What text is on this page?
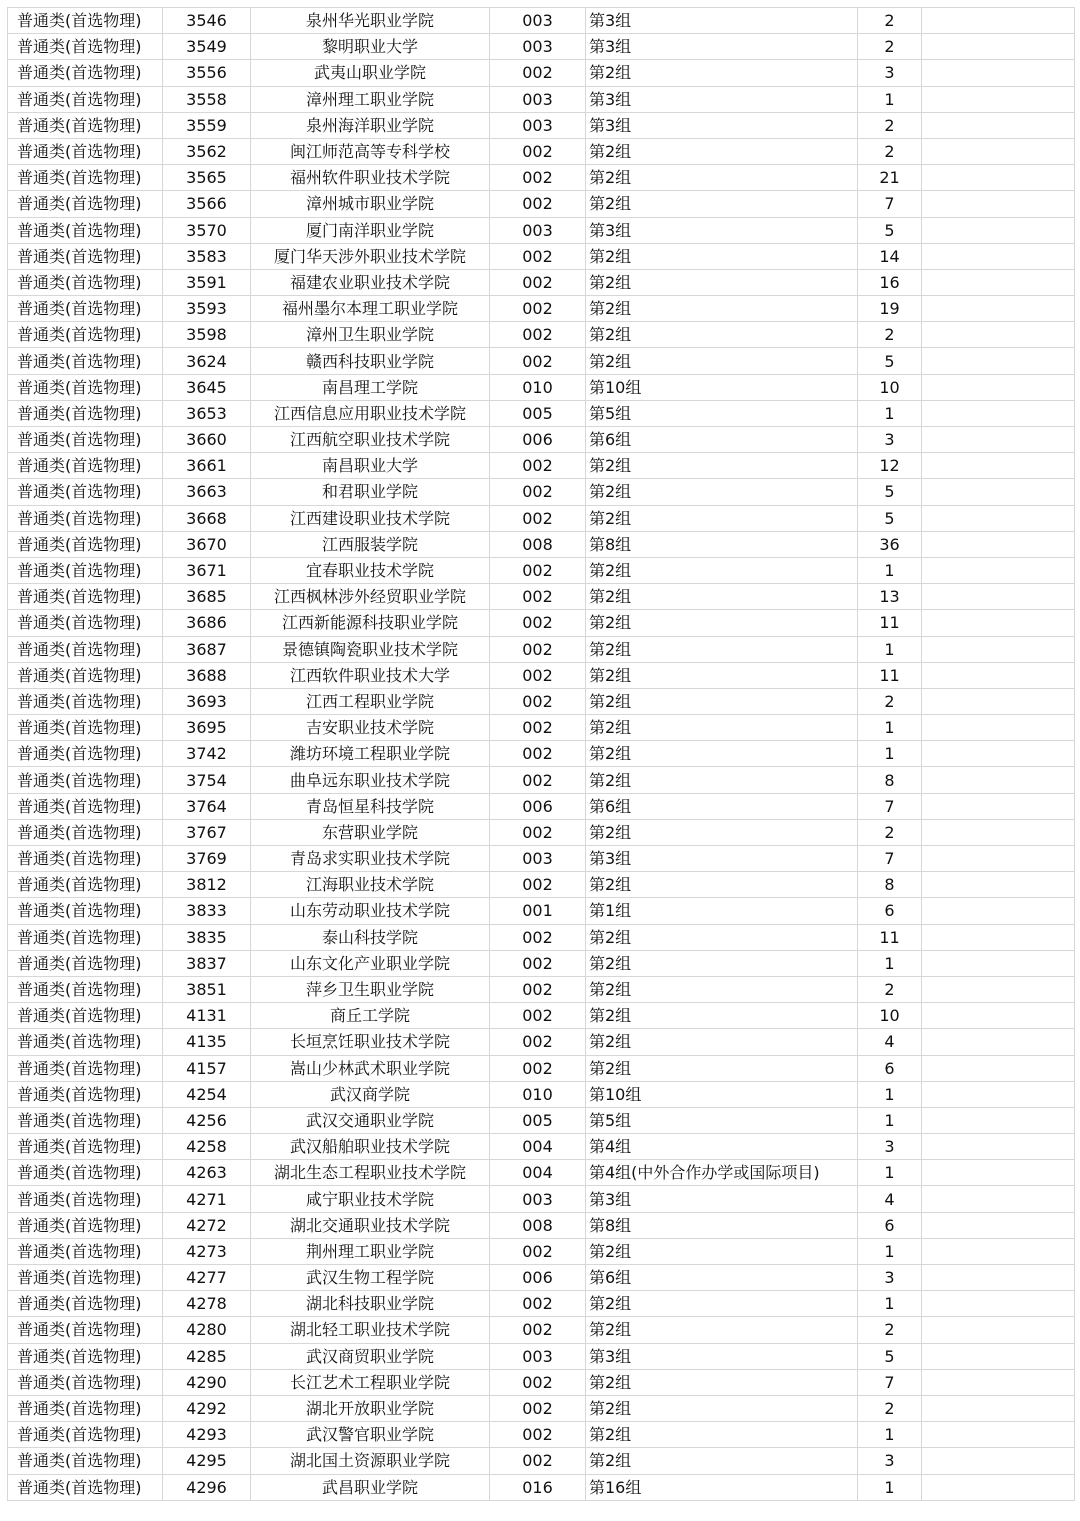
普通类(首选物理)	3546	泉州华光职业学院	003	第3组	2	
普通类(首选物理)	3549	黎明职业大学	003	第3组	2	
普通类(首选物理)	3556	武夷山职业学院	002	第2组	3	
普通类(首选物理)	3558	漳州理工职业学院	003	第3组	1	
普通类(首选物理)	3559	泉州海洋职业学院	003	第3组	2	
普通类(首选物理)	3562	闽江师范高等专科学校	002	第2组	2	
普通类(首选物理)	3565	福州软件职业技术学院	002	第2组	21	
普通类(首选物理)	3566	漳州城市职业学院	002	第2组	7	
普通类(首选物理)	3570	厦门南洋职业学院	003	第3组	5	
普通类(首选物理)	3583	厦门华天涉外职业技术学院	002	第2组	14	
普通类(首选物理)	3591	福建农业职业技术学院	002	第2组	16	
普通类(首选物理)	3593	福州墨尔本理工职业学院	002	第2组	19	
普通类(首选物理)	3598	漳州卫生职业学院	002	第2组	2	
普通类(首选物理)	3624	赣西科技职业学院	002	第2组	5	
普通类(首选物理)	3645	南昌理工学院	010	第10组	10	
普通类(首选物理)	3653	江西信息应用职业技术学院	005	第5组	1	
普通类(首选物理)	3660	江西航空职业技术学院	006	第6组	3	
普通类(首选物理)	3661	南昌职业大学	002	第2组	12	
普通类(首选物理)	3663	和君职业学院	002	第2组	5	
普通类(首选物理)	3668	江西建设职业技术学院	002	第2组	5	
普通类(首选物理)	3670	江西服装学院	008	第8组	36	
普通类(首选物理)	3671	宜春职业技术学院	002	第2组	1	
普通类(首选物理)	3685	江西枫林涉外经贸职业学院	002	第2组	13	
普通类(首选物理)	3686	江西新能源科技职业学院	002	第2组	11	
普通类(首选物理)	3687	景德镇陶瓷职业技术学院	002	第2组	1	
普通类(首选物理)	3688	江西软件职业技术大学	002	第2组	11	
普通类(首选物理)	3693	江西工程职业学院	002	第2组	2	
普通类(首选物理)	3695	吉安职业技术学院	002	第2组	1	
普通类(首选物理)	3742	潍坊环境工程职业学院	002	第2组	1	
普通类(首选物理)	3754	曲阜远东职业技术学院	002	第2组	8	
普通类(首选物理)	3764	青岛恒星科技学院	006	第6组	7	
普通类(首选物理)	3767	东营职业学院	002	第2组	2	
普通类(首选物理)	3769	青岛求实职业技术学院	003	第3组	7	
普通类(首选物理)	3812	江海职业技术学院	002	第2组	8	
普通类(首选物理)	3833	山东劳动职业技术学院	001	第1组	6	
普通类(首选物理)	3835	泰山科技学院	002	第2组	11	
普通类(首选物理)	3837	山东文化产业职业学院	002	第2组	1	
普通类(首选物理)	3851	萍乡卫生职业学院	002	第2组	2	
普通类(首选物理)	4131	商丘工学院	002	第2组	10	
普通类(首选物理)	4135	长垣烹饪职业技术学院	002	第2组	4	
普通类(首选物理)	4157	嵩山少林武术职业学院	002	第2组	6	
普通类(首选物理)	4254	武汉商学院	010	第10组	1	
普通类(首选物理)	4256	武汉交通职业学院	005	第5组	1	
普通类(首选物理)	4258	武汉船舶职业技术学院	004	第4组	3	
普通类(首选物理)	4263	湖北生态工程职业技术学院	004	第4组(中外合作办学或国际项目)	1	
普通类(首选物理)	4271	咸宁职业技术学院	003	第3组	4	
普通类(首选物理)	4272	湖北交通职业技术学院	008	第8组	6	
普通类(首选物理)	4273	荆州理工职业学院	002	第2组	1	
普通类(首选物理)	4277	武汉生物工程学院	006	第6组	3	
普通类(首选物理)	4278	湖北科技职业学院	002	第2组	1	
普通类(首选物理)	4280	湖北轻工职业技术学院	002	第2组	2	
普通类(首选物理)	4285	武汉商贸职业学院	003	第3组	5	
普通类(首选物理)	4290	长江艺术工程职业学院	002	第2组	7	
普通类(首选物理)	4292	湖北开放职业学院	002	第2组	2	
普通类(首选物理)	4293	武汉警官职业学院	002	第2组	1	
普通类(首选物理)	4295	湖北国土资源职业学院	002	第2组	3	
普通类(首选物理)	4296	武昌职业学院	016	第16组	1	
